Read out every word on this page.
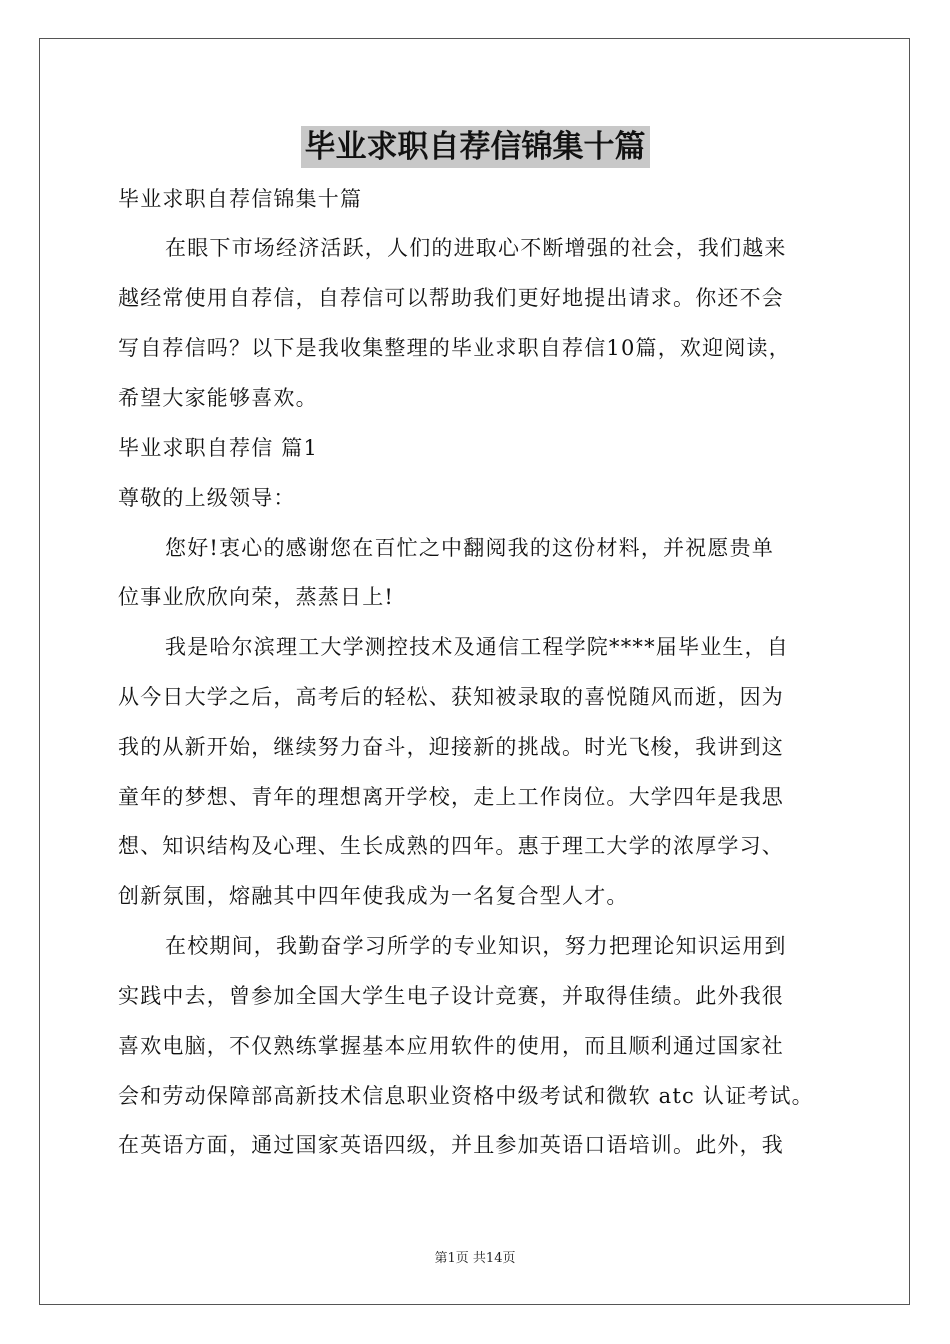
毕业求职自荐信锦集十篇
毕业求职自荐信锦集十篇
在眼下市场经济活跃，人们的进取心不断增强的社会，我们越来
越经常使用自荐信，自荐信可以帮助我们更好地提出请求。你还不会
写自荐信吗？以下是我收集整理的毕业求职自荐信10篇，欢迎阅读，
希望大家能够喜欢。
毕业求职自荐信 篇1
尊敬的上级领导：
您好!衷心的感谢您在百忙之中翻阅我的这份材料，并祝愿贵单
位事业欣欣向荣，蒸蒸日上!
我是哈尔滨理工大学测控技术及通信工程学院****届毕业生，自
从今日大学之后，高考后的轻松、获知被录取的喜悦随风而逝，因为
我的从新开始，继续努力奋斗，迎接新的挑战。时光飞梭，我讲到这
童年的梦想、青年的理想离开学校，走上工作岗位。大学四年是我思
想、知识结构及心理、生长成熟的四年。惠于理工大学的浓厚学习、
创新氛围，熔融其中四年使我成为一名复合型人才。
在校期间，我勤奋学习所学的专业知识，努力把理论知识运用到
实践中去，曾参加全国大学生电子设计竞赛，并取得佳绩。此外我很
喜欢电脑，不仅熟练掌握基本应用软件的使用，而且顺利通过国家社
会和劳动保障部高新技术信息职业资格中级考试和微软 atc 认证考试。
在英语方面，通过国家英语四级，并且参加英语口语培训。此外，我
第1页 共14页
